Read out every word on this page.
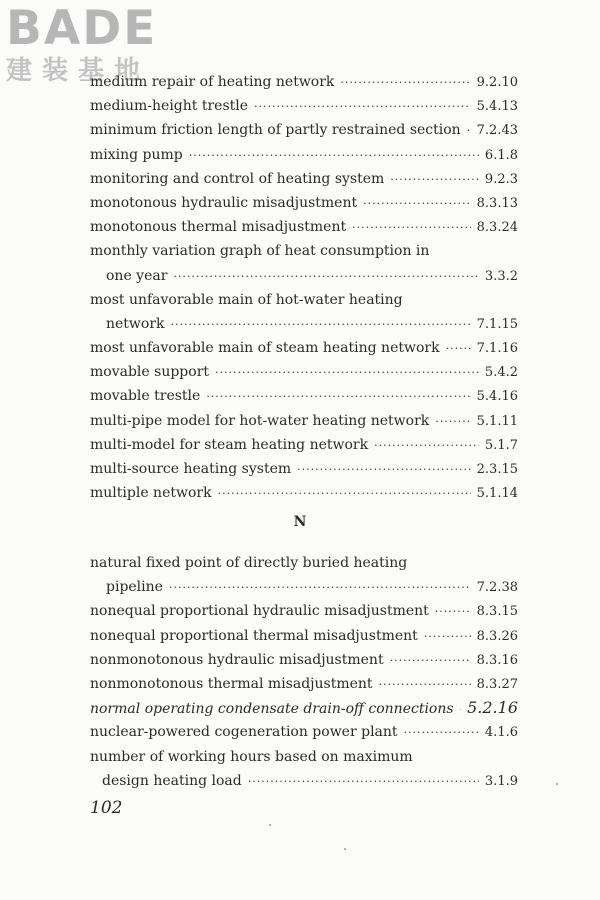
BADE
建装基地
medium repair of heating network ·····	9.2.10
medium-height trestle ·····	5.4.13
minimum friction length of partly restrained section ····· 7.2.43
mixing pump ·····	6.1.8
monitoring and control of heating system ·····	9.2.3
monotonous hydraulic misadjustment ·····	8.3.13
monotonous thermal misadjustment ·····	8.3.24
monthly variation graph of heat consumption in
one year ·····	3.3.2
most unfavorable main of hot-water heating
network ·····	7.1.15
most unfavorable main of steam heating network ·····	7.1.16
movable support ·····	5.4.2
movable trestle ·····	5.4.16
multi-pipe model for hot-water heating network ·····	5.1.11
multi-model for steam heating network ·····	5.1.7
multi-source heating system ·····	2.3.15
multiple network ·····	5.1.14
N
natural fixed point of directly buried heating
pipeline ·····	7.2.38
nonequal proportional hydraulic misadjustment ·····	8.3.15
nonequal proportional thermal misadjustment ·····	8.3.26
nonmonotonous hydraulic misadjustment ·····	8.3.16
nonmonotonous thermal misadjustment ·····	8.3.27
normal operating condensate drain-off connections ····· 5.2.16
nuclear-powered cogeneration power plant ·····	4.1.6
number of working hours based on maximum
design heating load ·····	3.1.9
102
